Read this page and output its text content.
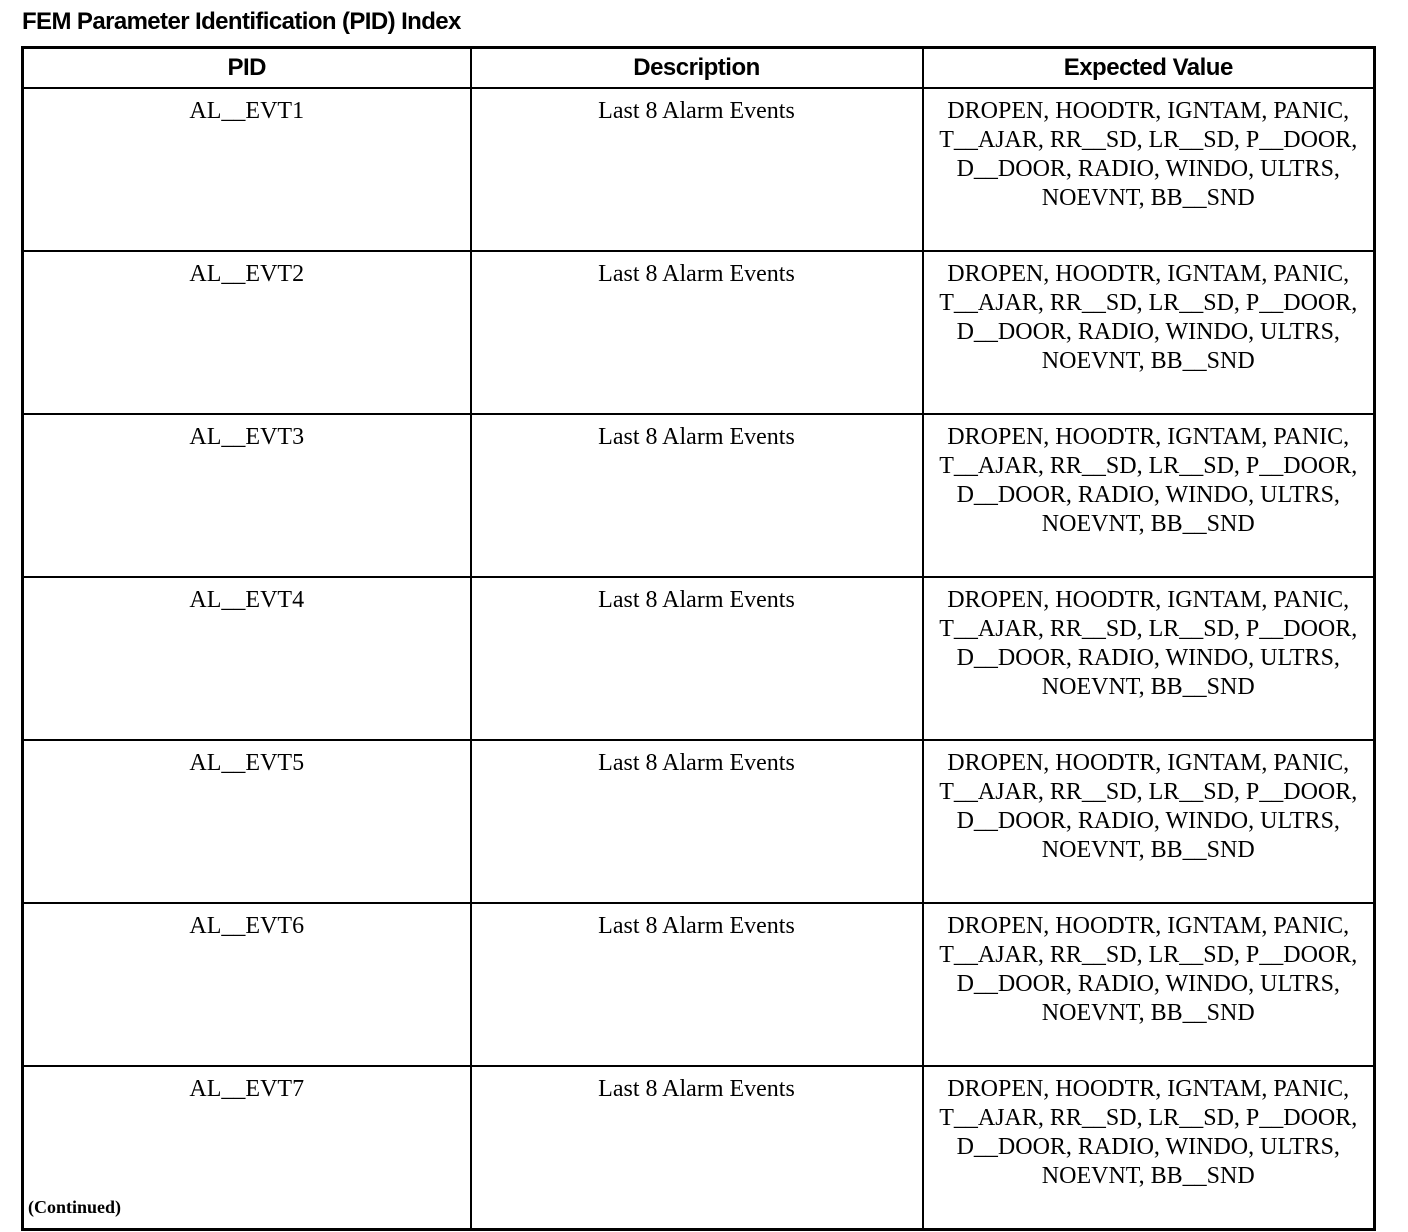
FEM Parameter Identification (PID) Index
PID	Description	Expected Value
AL__EVT1	Last 8 Alarm Events	DROPEN, HOODTR, IGNTAM, PANIC, T__AJAR, RR__SD, LR__SD, P__DOOR, D__DOOR, RADIO, WINDO, ULTRS, NOEVNT, BB__SND

AL__EVT2	Last 8 Alarm Events	DROPEN, HOODTR, IGNTAM, PANIC, T__AJAR, RR__SD, LR__SD, P__DOOR, D__DOOR, RADIO, WINDO, ULTRS, NOEVNT, BB__SND

AL__EVT3	Last 8 Alarm Events	DROPEN, HOODTR, IGNTAM, PANIC, T__AJAR, RR__SD, LR__SD, P__DOOR, D__DOOR, RADIO, WINDO, ULTRS, NOEVNT, BB__SND

AL__EVT4	Last 8 Alarm Events	DROPEN, HOODTR, IGNTAM, PANIC, T__AJAR, RR__SD, LR__SD, P__DOOR, D__DOOR, RADIO, WINDO, ULTRS, NOEVNT, BB__SND

AL__EVT5	Last 8 Alarm Events	DROPEN, HOODTR, IGNTAM, PANIC, T__AJAR, RR__SD, LR__SD, P__DOOR, D__DOOR, RADIO, WINDO, ULTRS, NOEVNT, BB__SND

AL__EVT6	Last 8 Alarm Events	DROPEN, HOODTR, IGNTAM, PANIC, T__AJAR, RR__SD, LR__SD, P__DOOR, D__DOOR, RADIO, WINDO, ULTRS, NOEVNT, BB__SND

AL__EVT7	Last 8 Alarm Events	DROPEN, HOODTR, IGNTAM, PANIC, T__AJAR, RR__SD, LR__SD, P__DOOR, D__DOOR, RADIO, WINDO, ULTRS, NOEVNT, BB__SND
(Continued)
